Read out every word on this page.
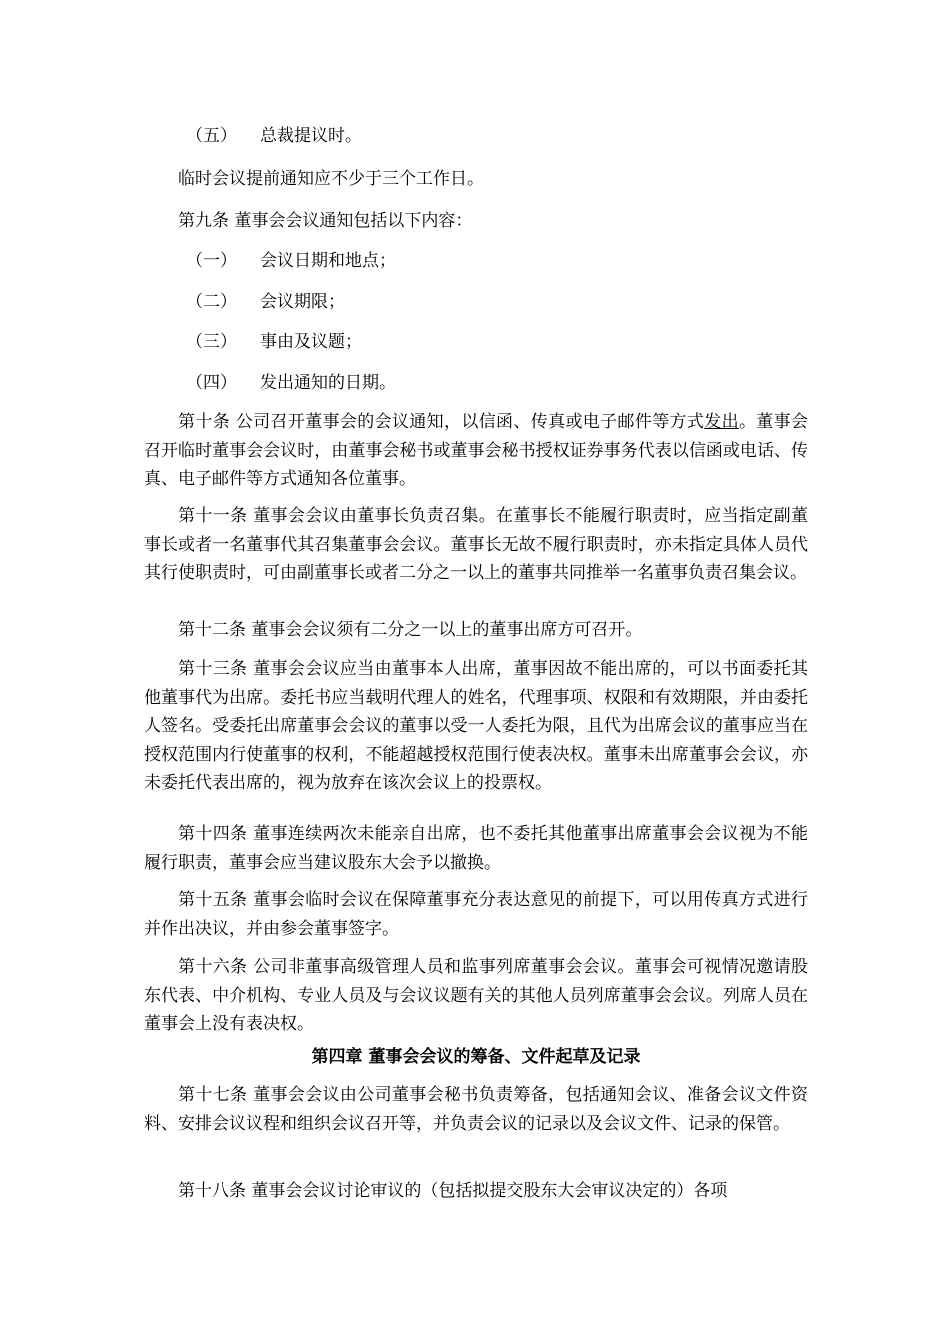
（五） 总裁提议时。
临时会议提前通知应不少于三个工作日。
第九条 董事会会议通知包括以下内容：
（一） 会议日期和地点；
（二） 会议期限；
（三） 事由及议题；
（四） 发出通知的日期。
第十条 公司召开董事会的会议通知，以信函、传真或电子邮件等方式发出。董事会召开临时董事会会议时，由董事会秘书或董事会秘书授权证券事务代表以信函或电话、传真、电子邮件等方式通知各位董事。
第十一条 董事会会议由董事长负责召集。在董事长不能履行职责时，应当指定副董事长或者一名董事代其召集董事会会议。董事长无故不履行职责时，亦未指定具体人员代其行使职责时，可由副董事长或者二分之一以上的董事共同推举一名董事负责召集会议。
第十二条 董事会会议须有二分之一以上的董事出席方可召开。
第十三条 董事会会议应当由董事本人出席，董事因故不能出席的，可以书面委托其他董事代为出席。委托书应当载明代理人的姓名，代理事项、权限和有效期限，并由委托人签名。受委托出席董事会会议的董事以受一人委托为限，且代为出席会议的董事应当在授权范围内行使董事的权利，不能超越授权范围行使表决权。董事未出席董事会会议，亦未委托代表出席的，视为放弃在该次会议上的投票权。
第十四条 董事连续两次未能亲自出席，也不委托其他董事出席董事会会议视为不能履行职责，董事会应当建议股东大会予以撤换。
第十五条 董事会临时会议在保障董事充分表达意见的前提下，可以用传真方式进行并作出决议，并由参会董事签字。
第十六条 公司非董事高级管理人员和监事列席董事会会议。董事会可视情况邀请股东代表、中介机构、专业人员及与会议议题有关的其他人员列席董事会会议。列席人员在董事会上没有表决权。
第四章 董事会会议的筹备、文件起草及记录
第十七条 董事会会议由公司董事会秘书负责筹备，包括通知会议、准备会议文件资料、安排会议议程和组织会议召开等，并负责会议的记录以及会议文件、记录的保管。
第十八条 董事会会议讨论审议的（包括拟提交股东大会审议决定的）各项
